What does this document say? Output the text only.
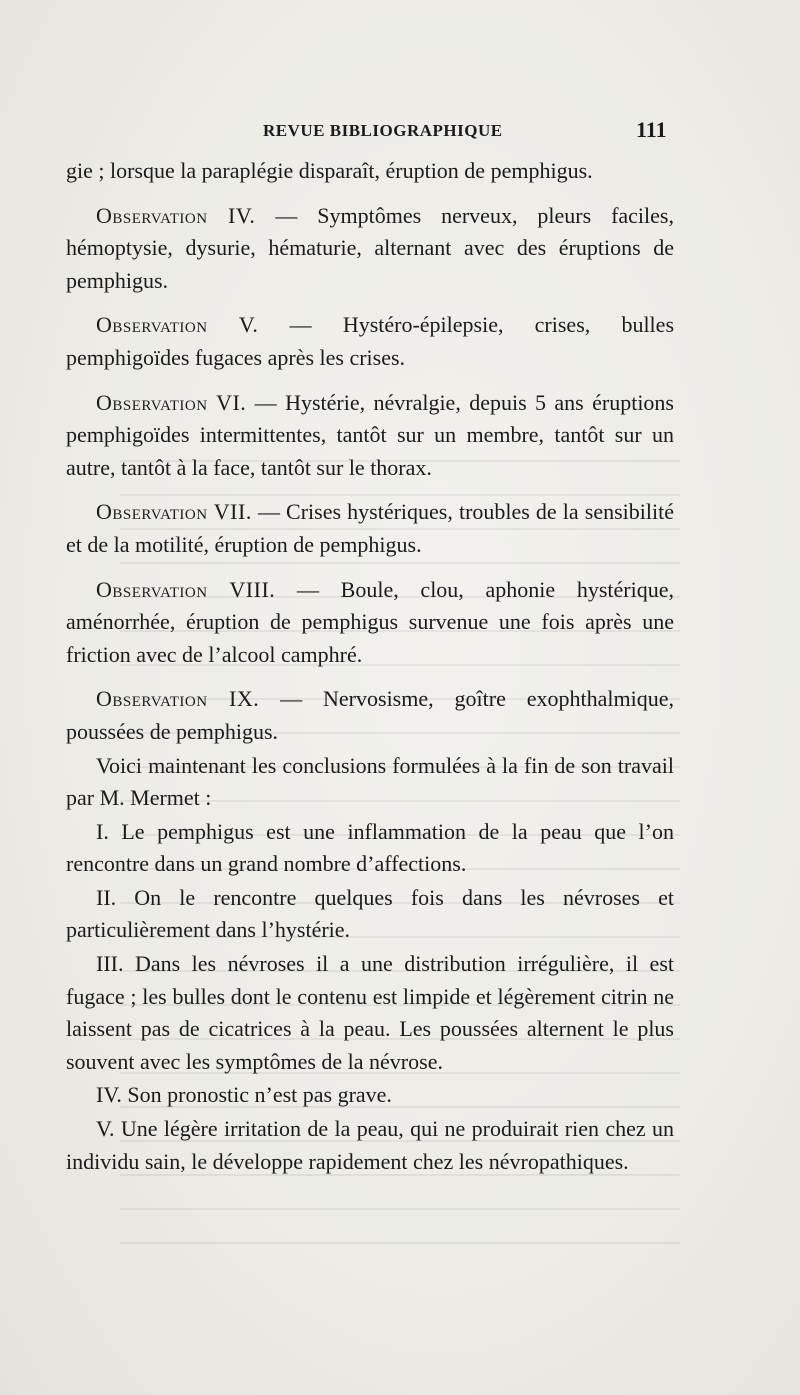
REVUE BIBLIOGRAPHIQUE	111

gie ; lorsque la paraplégie disparaît, éruption de pemphigus.

Observation IV. — Symptômes nerveux, pleurs faciles, hémoptysie, dysurie, hématurie, alternant avec des éruptions de pemphigus.

Observation V. — Hystéro-épilepsie, crises, bulles pemphigoïdes fugaces après les crises.

Observation VI. — Hystérie, névralgie, depuis 5 ans éruptions pemphigoïdes intermittentes, tantôt sur un membre, tantôt sur un autre, tantôt à la face, tantôt sur le thorax.

Observation VII. — Crises hystériques, troubles de la sensibilité et de la motilité, éruption de pemphigus.

Observation VIII. — Boule, clou, aphonie hystérique, aménorrhée, éruption de pemphigus survenue une fois après une friction avec de l’alcool camphré.

Observation IX. — Nervosisme, goître exophthalmique, poussées de pemphigus.

Voici maintenant les conclusions formulées à la fin de son travail par M. Mermet :

I. Le pemphigus est une inflammation de la peau que l’on rencontre dans un grand nombre d’affections.

II. On le rencontre quelques fois dans les névroses et particulièrement dans l’hystérie.

III. Dans les névroses il a une distribution irrégulière, il est fugace ; les bulles dont le contenu est limpide et légèrement citrin ne laissent pas de cicatrices à la peau. Les poussées alternent le plus souvent avec les symptômes de la névrose.

IV. Son pronostic n’est pas grave.

V. Une légère irritation de la peau, qui ne produirait rien chez un individu sain, le développe rapidement chez les névropathiques.
